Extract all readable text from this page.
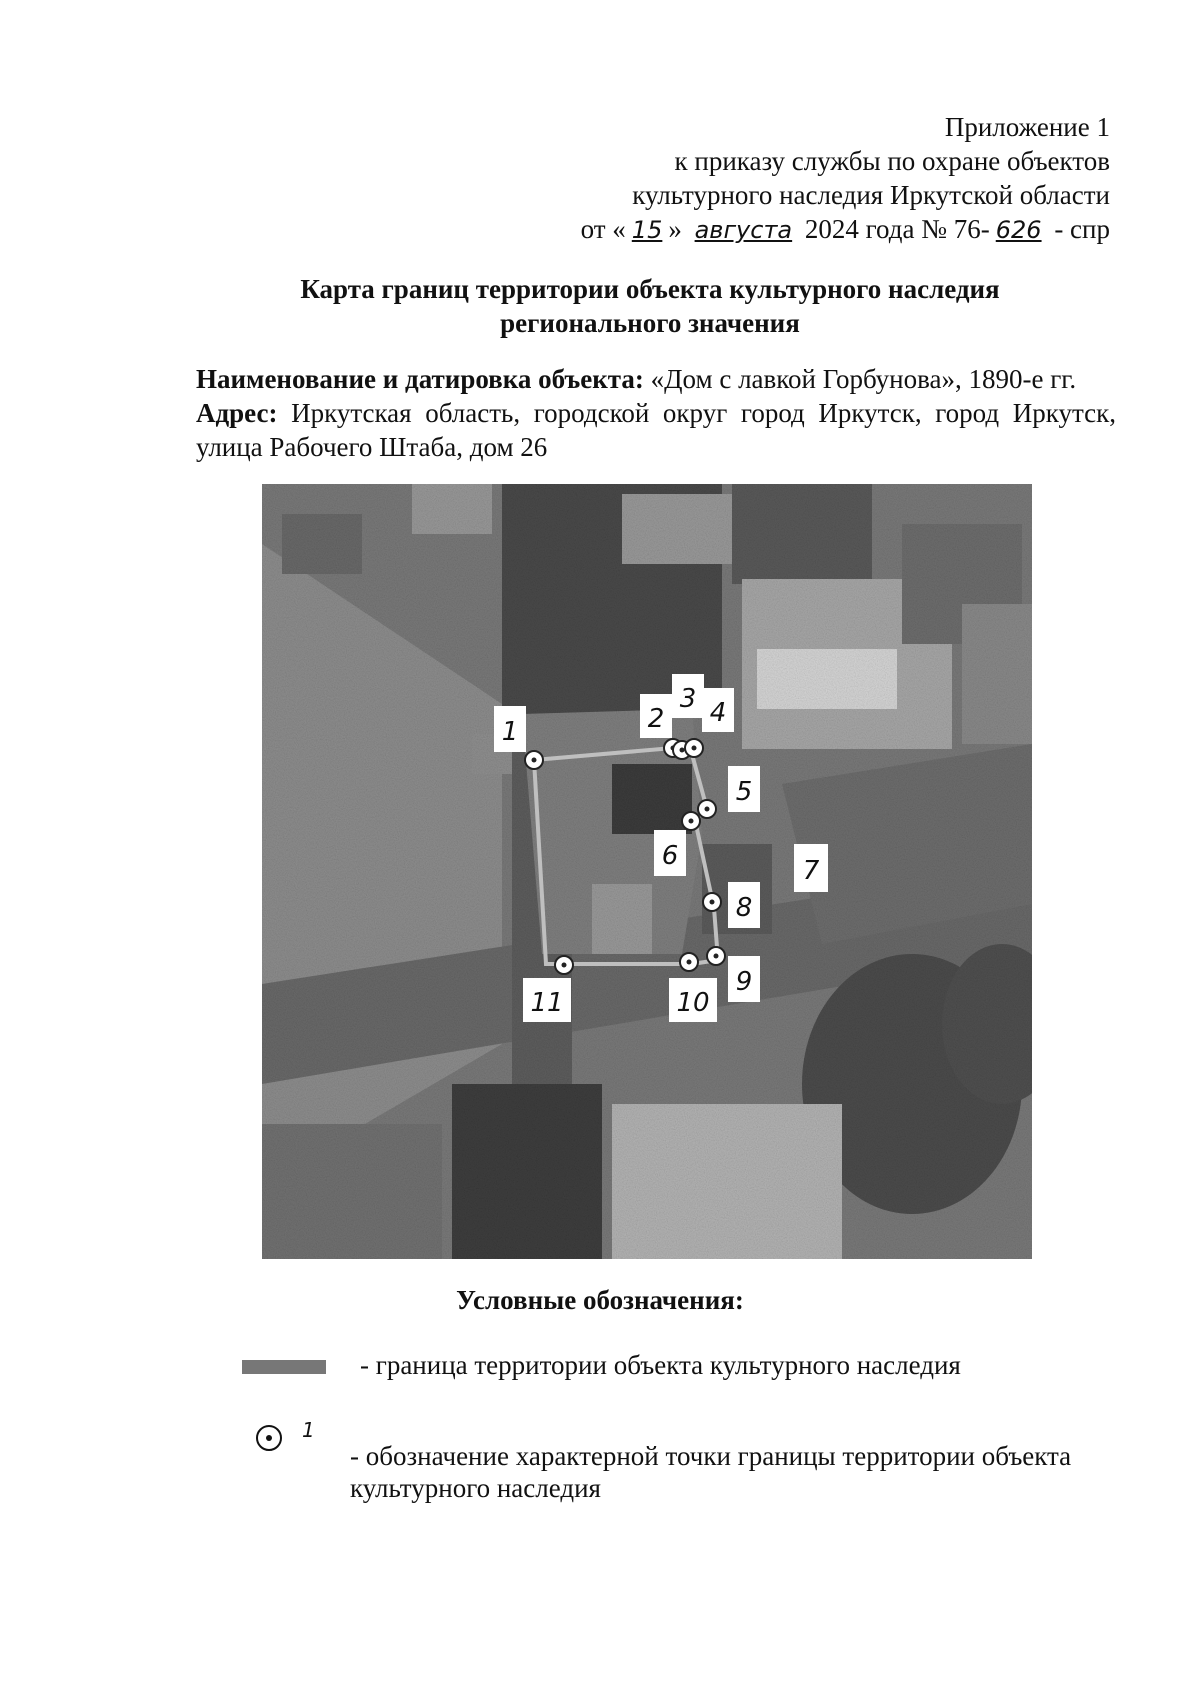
Приложение 1
к приказу службы по охране объектов
культурного наследия Иркутской области
от « 15 » августа 2024 года № 76- 626 - спр
Карта границ территории объекта культурного наследия
регионального значения
Наименование и датировка объекта: «Дом с лавкой Горбунова», 1890-е гг.
Адрес: Иркутская область, городской округ город Иркутск, город Иркутск, улица Рабочего Штаба, дом 26
1	2
3 4
5
6	7
8
9
10
11
Условные обозначения:
- граница территории объекта культурного наследия
1
- обозначение характерной точки границы территории объекта культурного наследия
